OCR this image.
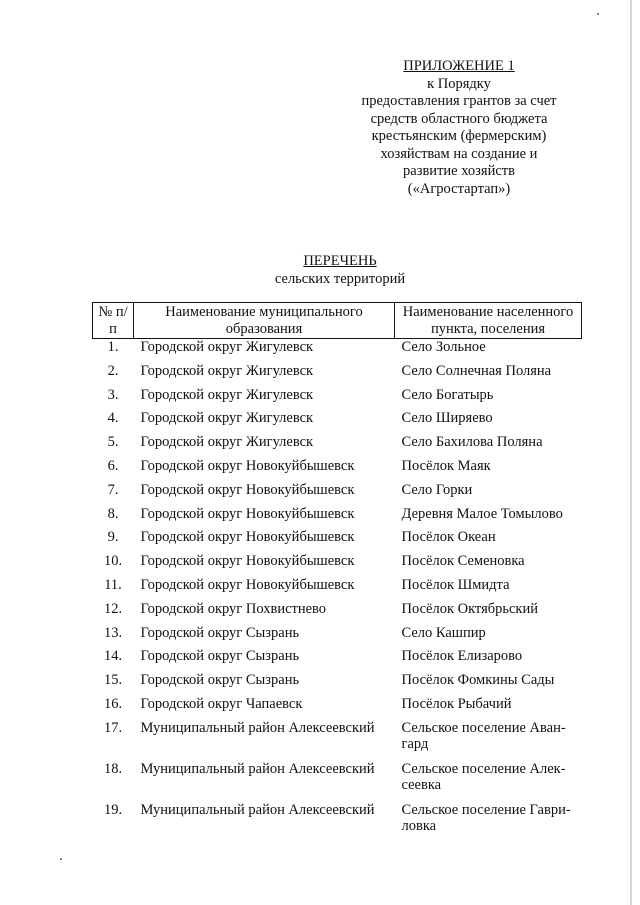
ПРИЛОЖЕНИЕ 1
к Порядку
предоставления грантов за счет
средств областного бюджета
крестьянским (фермерским)
хозяйствам на создание и
развитие хозяйств
(«Агростартап»)
ПЕРЕЧЕНЬ
сельских территорий
№ п/п	Наименование муниципального образования	Наименование населенного пункта, поселения
1.	Городской округ Жигулевск	Село Зольное
2.	Городской округ Жигулевск	Село Солнечная Поляна
3.	Городской округ Жигулевск	Село Богатырь
4.	Городской округ Жигулевск	Село Ширяево
5.	Городской округ Жигулевск	Село Бахилова Поляна
6.	Городской округ Новокуйбышевск	Посёлок Маяк
7.	Городской округ Новокуйбышевск	Село Горки
8.	Городской округ Новокуйбышевск	Деревня Малое Томылово
9.	Городской округ Новокуйбышевск	Посёлок Океан
10.	Городской округ Новокуйбышевск	Посёлок Семеновка
11.	Городской округ Новокуйбышевск	Посёлок Шмидта
12.	Городской округ Похвистнево	Посёлок Октябрьский
13.	Городской округ Сызрань	Село Кашпир
14.	Городской округ Сызрань	Посёлок Елизарово
15.	Городской округ Сызрань	Посёлок Фомкины Сады
16.	Городской округ Чапаевск	Посёлок Рыбачий
17.	Муниципальный район Алексеевский	Сельское поселение Аван-гард
18.	Муниципальный район Алексеевский	Сельское поселение Алек-сеевка
19.	Муниципальный район Алексеевский	Сельское поселение Гаври-ловка
